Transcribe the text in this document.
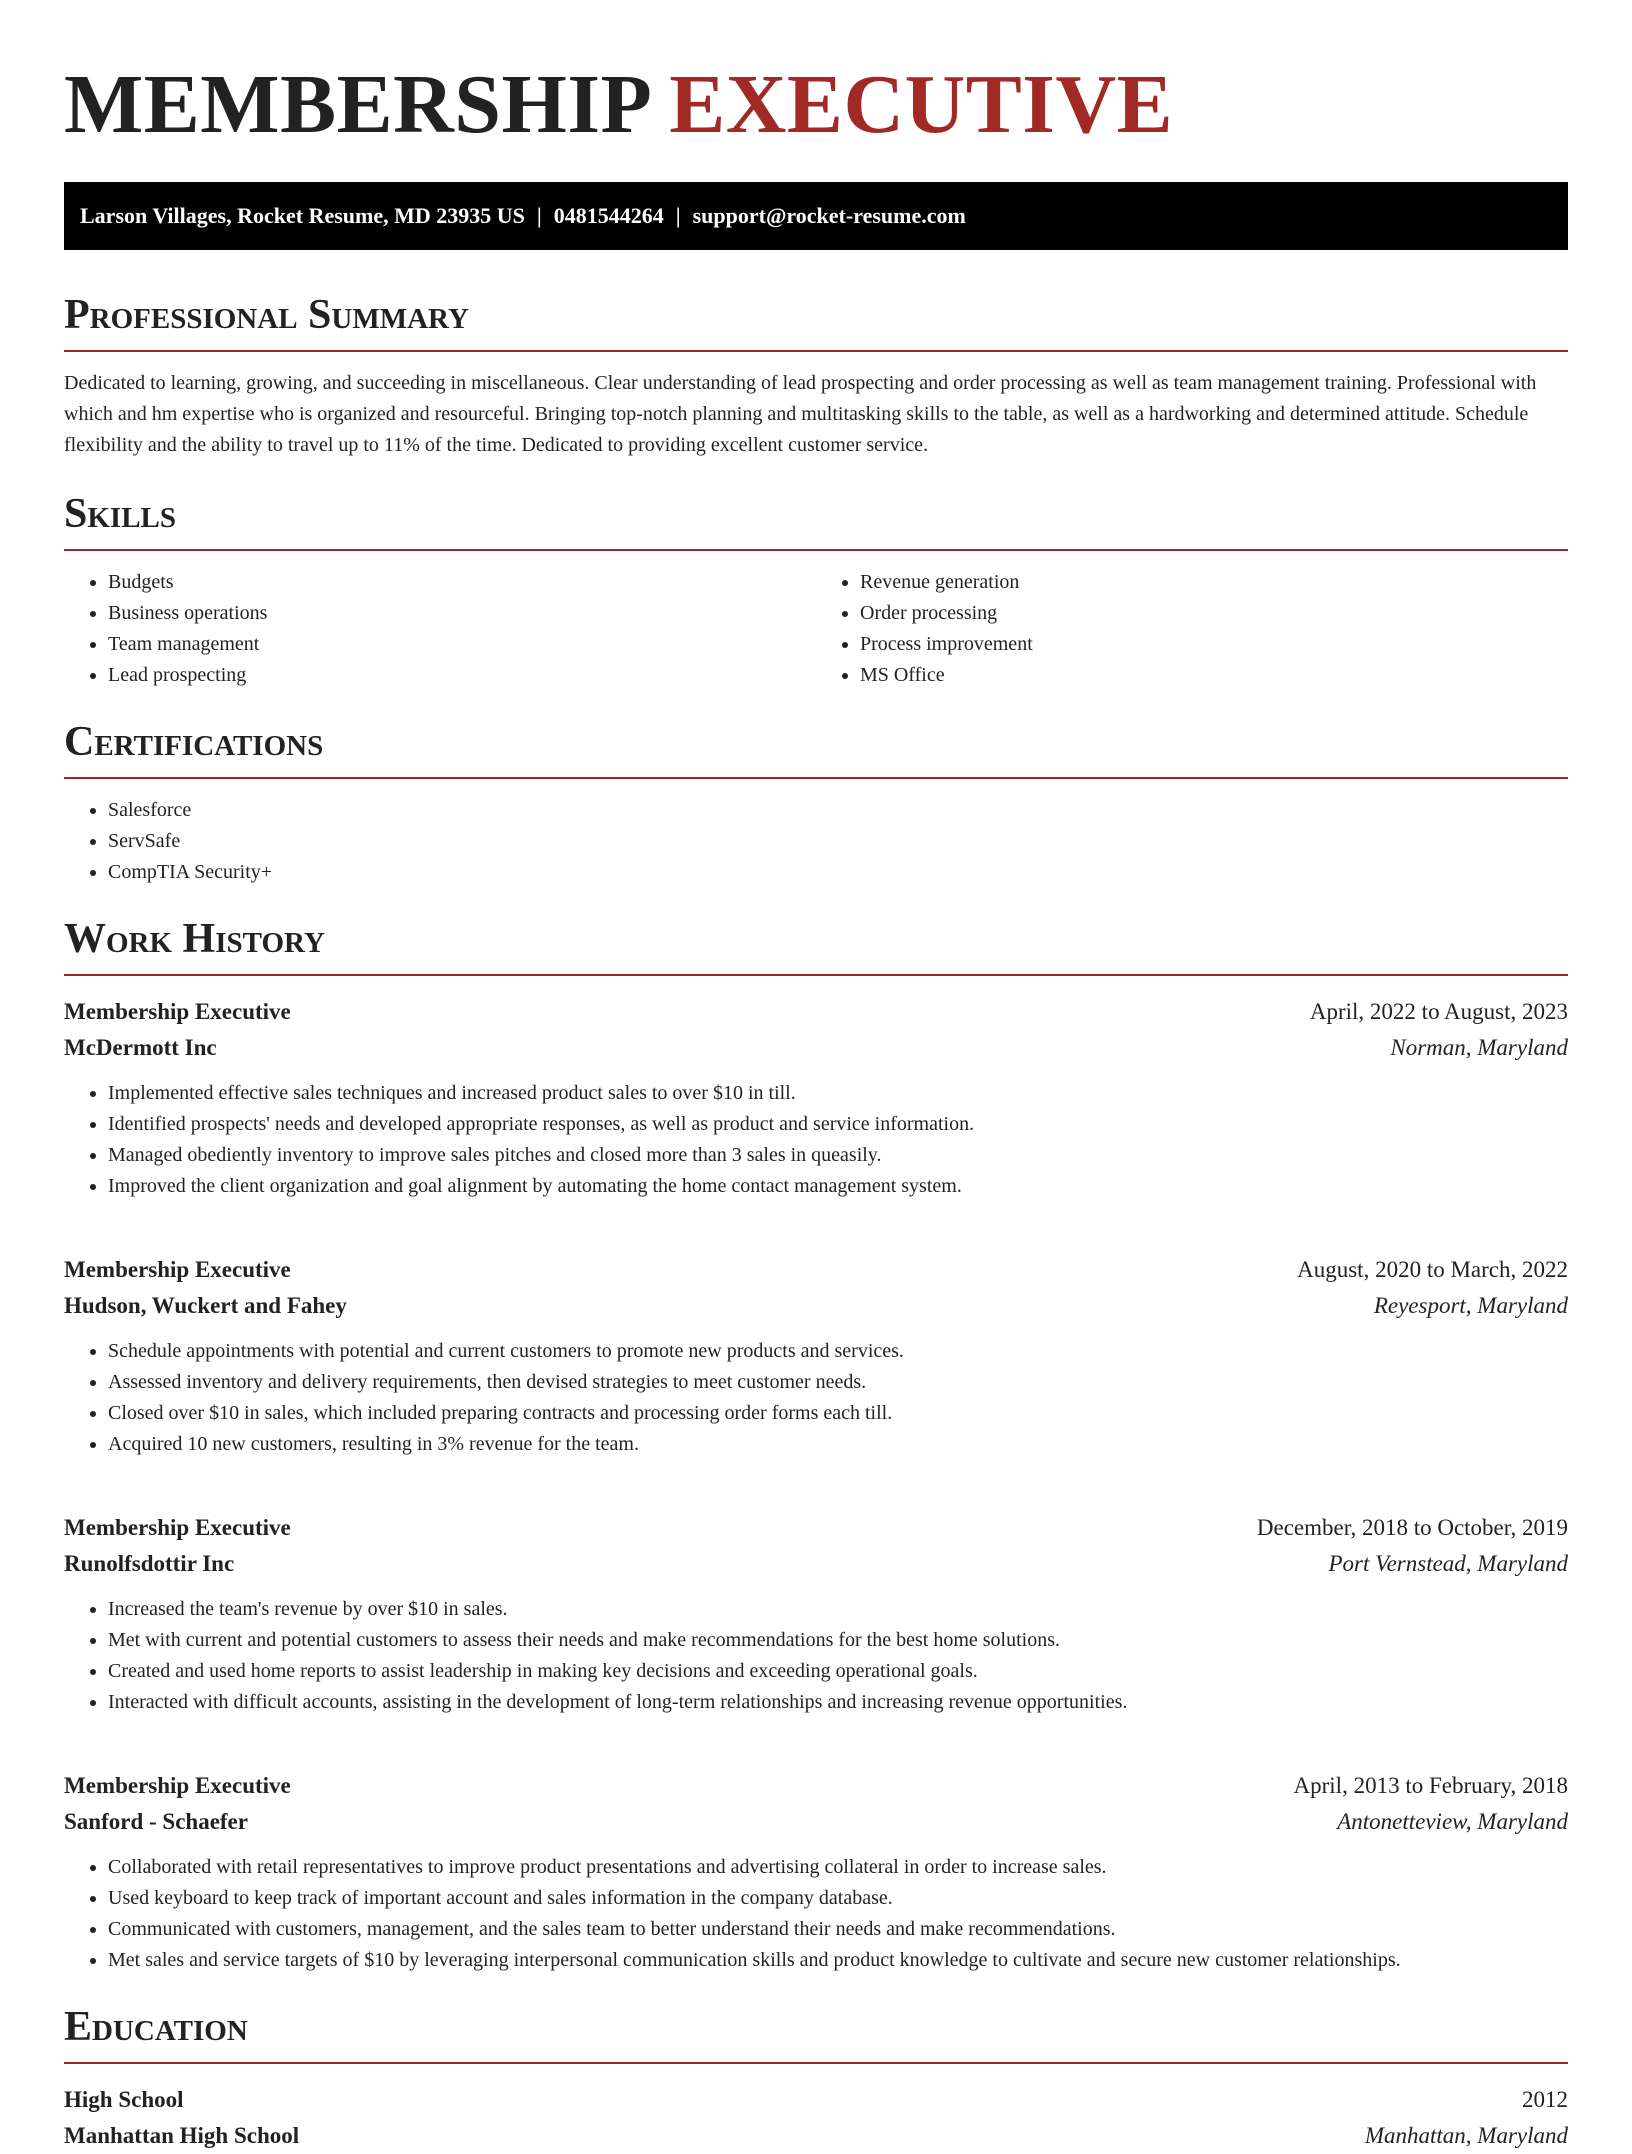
MEMBERSHIP EXECUTIVE
Larson Villages, Rocket Resume, MD 23935 US | 0481544264 | support@rocket-resume.com
Professional Summary

Dedicated to learning, growing, and succeeding in miscellaneous. Clear understanding of lead prospecting and order processing as well as team management training. Professional with which and hm expertise who is organized and resourceful. Bringing top-notch planning and multitasking skills to the table, as well as a hardworking and determined attitude. Schedule flexibility and the ability to travel up to 11% of the time. Dedicated to providing excellent customer service.

Skills
• Budgets
• Business operations
• Team management
• Lead prospecting
• Revenue generation
• Order processing
• Process improvement
• MS Office
Certifications
• Salesforce
• ServSafe
• CompTIA Security+
Work History
Membership Executive	April, 2022 to August, 2023
McDermott Inc	Norman, Maryland
• Implemented effective sales techniques and increased product sales to over $10 in till.
• Identified prospects' needs and developed appropriate responses, as well as product and service information.
• Managed obediently inventory to improve sales pitches and closed more than 3 sales in queasily.
• Improved the client organization and goal alignment by automating the home contact management system.
Membership Executive	August, 2020 to March, 2022
Hudson, Wuckert and Fahey	Reyesport, Maryland
• Schedule appointments with potential and current customers to promote new products and services.
• Assessed inventory and delivery requirements, then devised strategies to meet customer needs.
• Closed over $10 in sales, which included preparing contracts and processing order forms each till.
• Acquired 10 new customers, resulting in 3% revenue for the team.
Membership Executive	December, 2018 to October, 2019
Runolfsdottir Inc	Port Vernstead, Maryland
• Increased the team's revenue by over $10 in sales.
• Met with current and potential customers to assess their needs and make recommendations for the best home solutions.
• Created and used home reports to assist leadership in making key decisions and exceeding operational goals.
• Interacted with difficult accounts, assisting in the development of long-term relationships and increasing revenue opportunities.
Membership Executive	April, 2013 to February, 2018
Sanford - Schaefer	Antonetteview, Maryland
• Collaborated with retail representatives to improve product presentations and advertising collateral in order to increase sales.
• Used keyboard to keep track of important account and sales information in the company database.
• Communicated with customers, management, and the sales team to better understand their needs and make recommendations.
• Met sales and service targets of $10 by leveraging interpersonal communication skills and product knowledge to cultivate and secure new customer relationships.
Education
High School	2012
Manhattan High School	Manhattan, Maryland
